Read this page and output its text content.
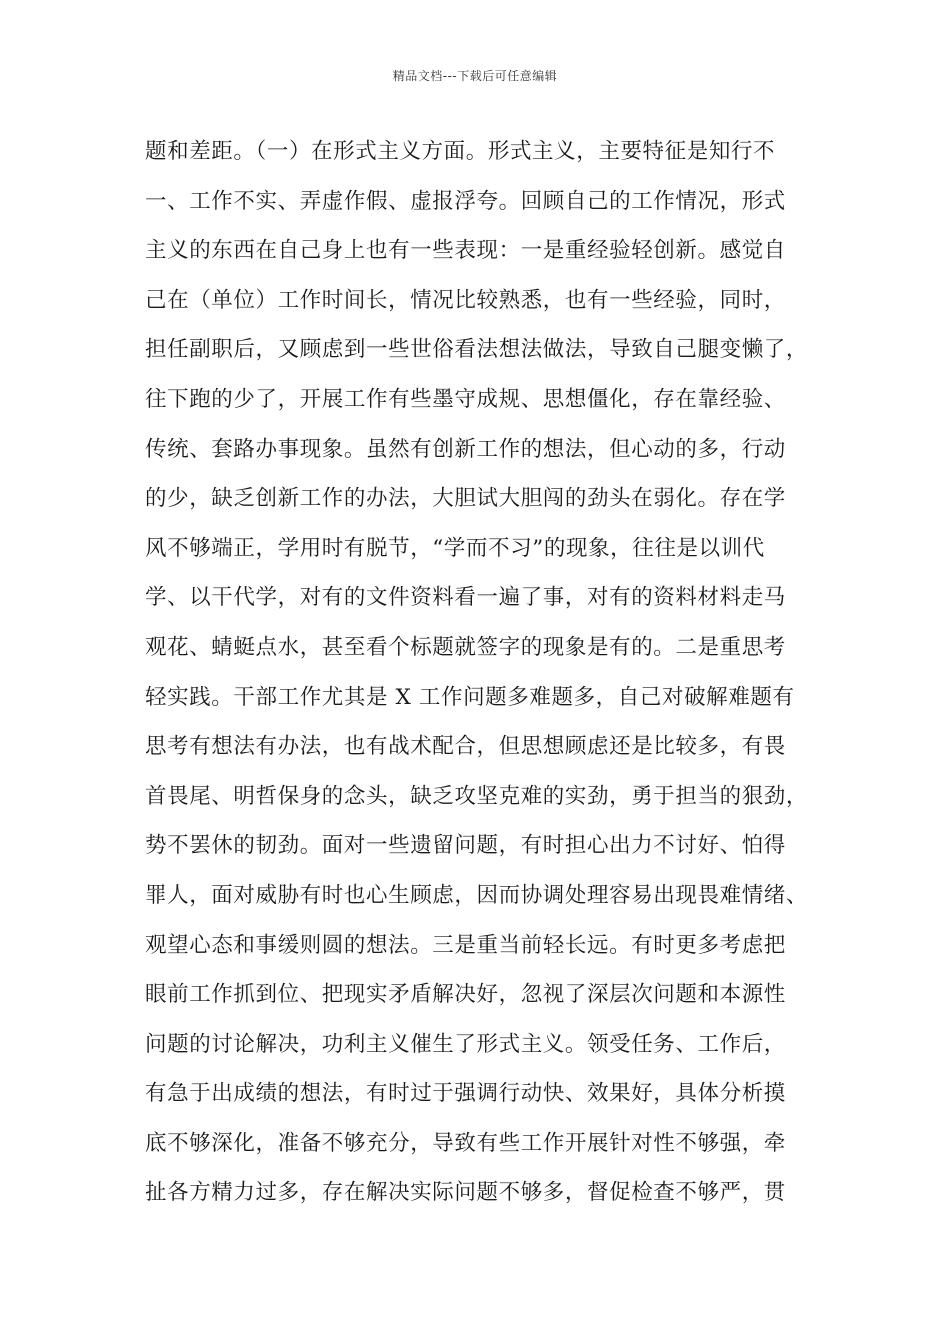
精品文档---下载后可任意编辑
题和差距。（一）在形式主义方面。形式主义，主要特征是知行不
一、工作不实、弄虚作假、虚报浮夸。回顾自己的工作情况，形式
主义的东西在自己身上也有一些表现：一是重经验轻创新。感觉自
己在（单位）工作时间长，情况比较熟悉，也有一些经验，同时，
担任副职后，又顾虑到一些世俗看法想法做法，导致自己腿变懒了，
往下跑的少了，开展工作有些墨守成规、思想僵化，存在靠经验、
传统、套路办事现象。虽然有创新工作的想法，但心动的多，行动
的少，缺乏创新工作的办法，大胆试大胆闯的劲头在弱化。存在学
风不够端正，学用时有脱节，“学而不习”的现象，往往是以训代
学、以干代学，对有的文件资料看一遍了事，对有的资料材料走马
观花、蜻蜓点水，甚至看个标题就签字的现象是有的。二是重思考
轻实践。干部工作尤其是 X 工作问题多难题多，自己对破解难题有
思考有想法有办法，也有战术配合，但思想顾虑还是比较多，有畏
首畏尾、明哲保身的念头，缺乏攻坚克难的实劲，勇于担当的狠劲，
势不罢休的韧劲。面对一些遗留问题，有时担心出力不讨好、怕得
罪人，面对威胁有时也心生顾虑，因而协调处理容易出现畏难情绪、
观望心态和事缓则圆的想法。三是重当前轻长远。有时更多考虑把
眼前工作抓到位、把现实矛盾解决好，忽视了深层次问题和本源性
问题的讨论解决，功利主义催生了形式主义。领受任务、工作后，
有急于出成绩的想法，有时过于强调行动快、效果好，具体分析摸
底不够深化，准备不够充分，导致有些工作开展针对性不够强，牵
扯各方精力过多，存在解决实际问题不够多，督促检查不够严，贯
